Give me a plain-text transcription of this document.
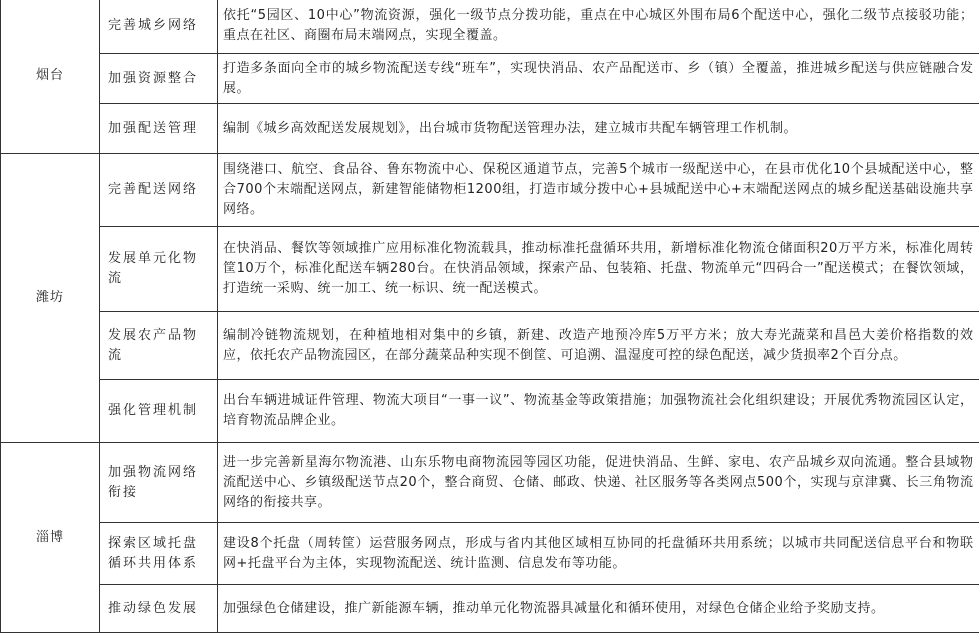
烟台	完善城乡网络	依托“5园区、10中心”物流资源，强化一级节点分拨功能，重点在中心城区外围布局6个配送中心，强化二级节点接驳功能；重点在社区、商圈布局末端网点，实现全覆盖。
	加强资源整合	打造多条面向全市的城乡物流配送专线“班车”，实现快消品、农产品配送市、乡（镇）全覆盖，推进城乡配送与供应链融合发展。
	加强配送管理	编制《城乡高效配送发展规划》，出台城市货物配送管理办法，建立城市共配车辆管理工作机制。
潍坊	完善配送网络	围绕港口、航空、食品谷、鲁东物流中心、保税区通道节点，完善5个城市一级配送中心，在县市优化10个县城配送中心，整合700个末端配送网点，新建智能储物柜1200组，打造市域分拨中心+县城配送中心+末端配送网点的城乡配送基础设施共享网络。
	发展单元化物流	在快消品、餐饮等领域推广应用标准化物流载具，推动标准托盘循环共用，新增标准化物流仓储面积20万平方米，标准化周转筐10万个，标准化配送车辆280台。在快消品领域，探索产品、包装箱、托盘、物流单元“四码合一”配送模式；在餐饮领域，打造统一采购、统一加工、统一标识、统一配送模式。
	发展农产品物流	编制冷链物流规划，在种植地相对集中的乡镇，新建、改造产地预冷库5万平方米；放大寿光蔬菜和昌邑大姜价格指数的效应，依托农产品物流园区，在部分蔬菜品种实现不倒筐、可追溯、温湿度可控的绿色配送，减少货损率2个百分点。
	强化管理机制	出台车辆进城证件管理、物流大项目“一事一议”、物流基金等政策措施；加强物流社会化组织建设；开展优秀物流园区认定，培育物流品牌企业。
淄博	加强物流网络衔接	进一步完善新星海尔物流港、山东乐物电商物流园等园区功能，促进快消品、生鲜、家电、农产品城乡双向流通。整合县域物流配送中心、乡镇级配送节点20个，整合商贸、仓储、邮政、快递、社区服务等各类网点500个，实现与京津冀、长三角物流网络的衔接共享。
	探索区域托盘循环共用体系	建设8个托盘（周转筐）运营服务网点，形成与省内其他区域相互协同的托盘循环共用系统；以城市共同配送信息平台和物联网+托盘平台为主体，实现物流配送、统计监测、信息发布等功能。
	推动绿色发展	加强绿色仓储建设，推广新能源车辆，推动单元化物流器具减量化和循环使用，对绿色仓储企业给予奖励支持。
